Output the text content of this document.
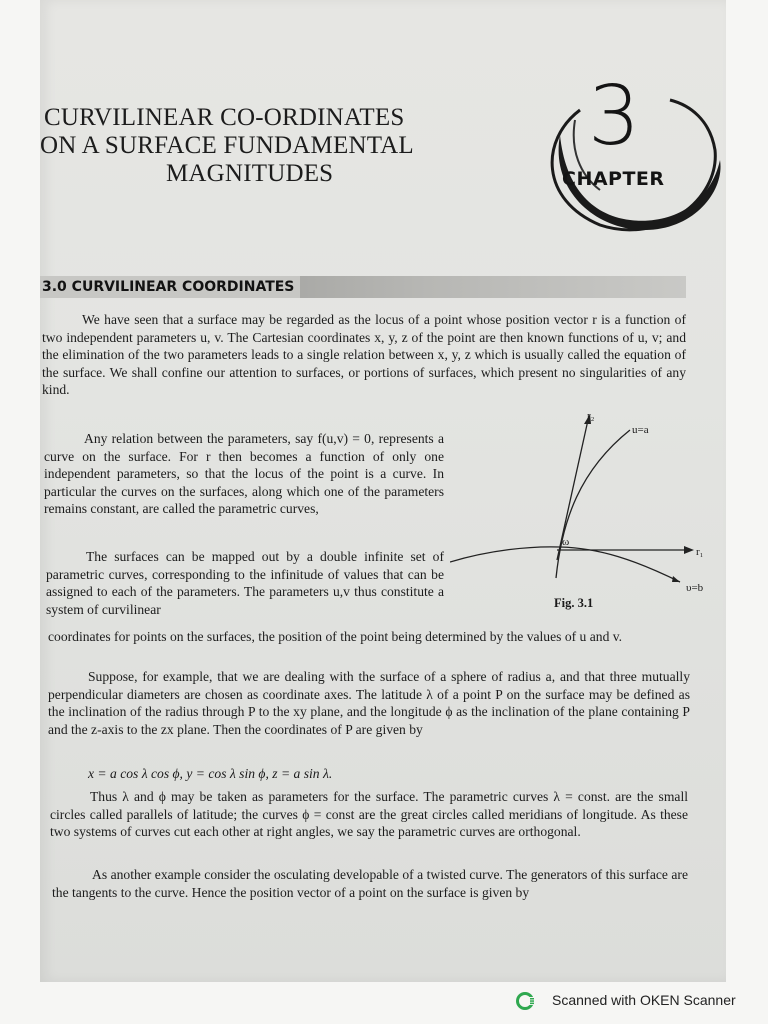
CURVILINEAR CO-ORDINATES
ON A SURFACE FUNDAMENTAL
MAGNITUDES
3
CHAPTER
3.0 CURVILINEAR COORDINATES
We have seen that a surface may be regarded as the locus of a point whose position vector r is a function of two independent parameters u, v. The Cartesian coordinates x, y, z of the point are then known functions of u, v; and the elimination of the two parameters leads to a single relation between x, y, z which is usually called the equation of the surface. We shall confine our attention to surfaces, or portions of surfaces, which present no singularities of any kind.
Any relation between the parameters, say f(u,v) = 0, represents a curve on the surface. For r then becomes a function of only one independent parameters, so that the locus of the point is a curve. In particular the curves on the surfaces, along which one of the parameters remains constant, are called the parametric curves,
The surfaces can be mapped out by a double infinite set of parametric curves, corresponding to the infinitude of values that can be assigned to each of the parameters. The parameters u,v thus constitute a system of curvilinear
coordinates for points on the surfaces, the position of the point being determined by the values of u and v.
Suppose, for example, that we are dealing with the surface of a sphere of radius a, and that three mutually perpendicular diameters are chosen as coordinate axes. The latitude λ of a point P on the surface may be defined as the inclination of the radius through P to the xy plane, and the longitude ϕ as the inclination of the plane containing P and the z-axis to the zx plane. Then the coordinates of P are given by
x = a cos λ cos ϕ, y = cos λ sin ϕ, z = a sin λ.
Thus λ and ϕ may be taken as parameters for the surface. The parametric curves λ = const. are the small circles called parallels of latitude; the curves ϕ = const are the great circles called meridians of longitude. As these two systems of curves cut each other at right angles, we say the parametric curves are orthogonal.
As another example consider the osculating developable of a twisted curve. The generators of this surface are the tangents to the curve. Hence the position vector of a point on the surface is given by
r₂
u=a
ω
r₁
υ=b
Fig. 3.1
Scanned with OKEN Scanner
